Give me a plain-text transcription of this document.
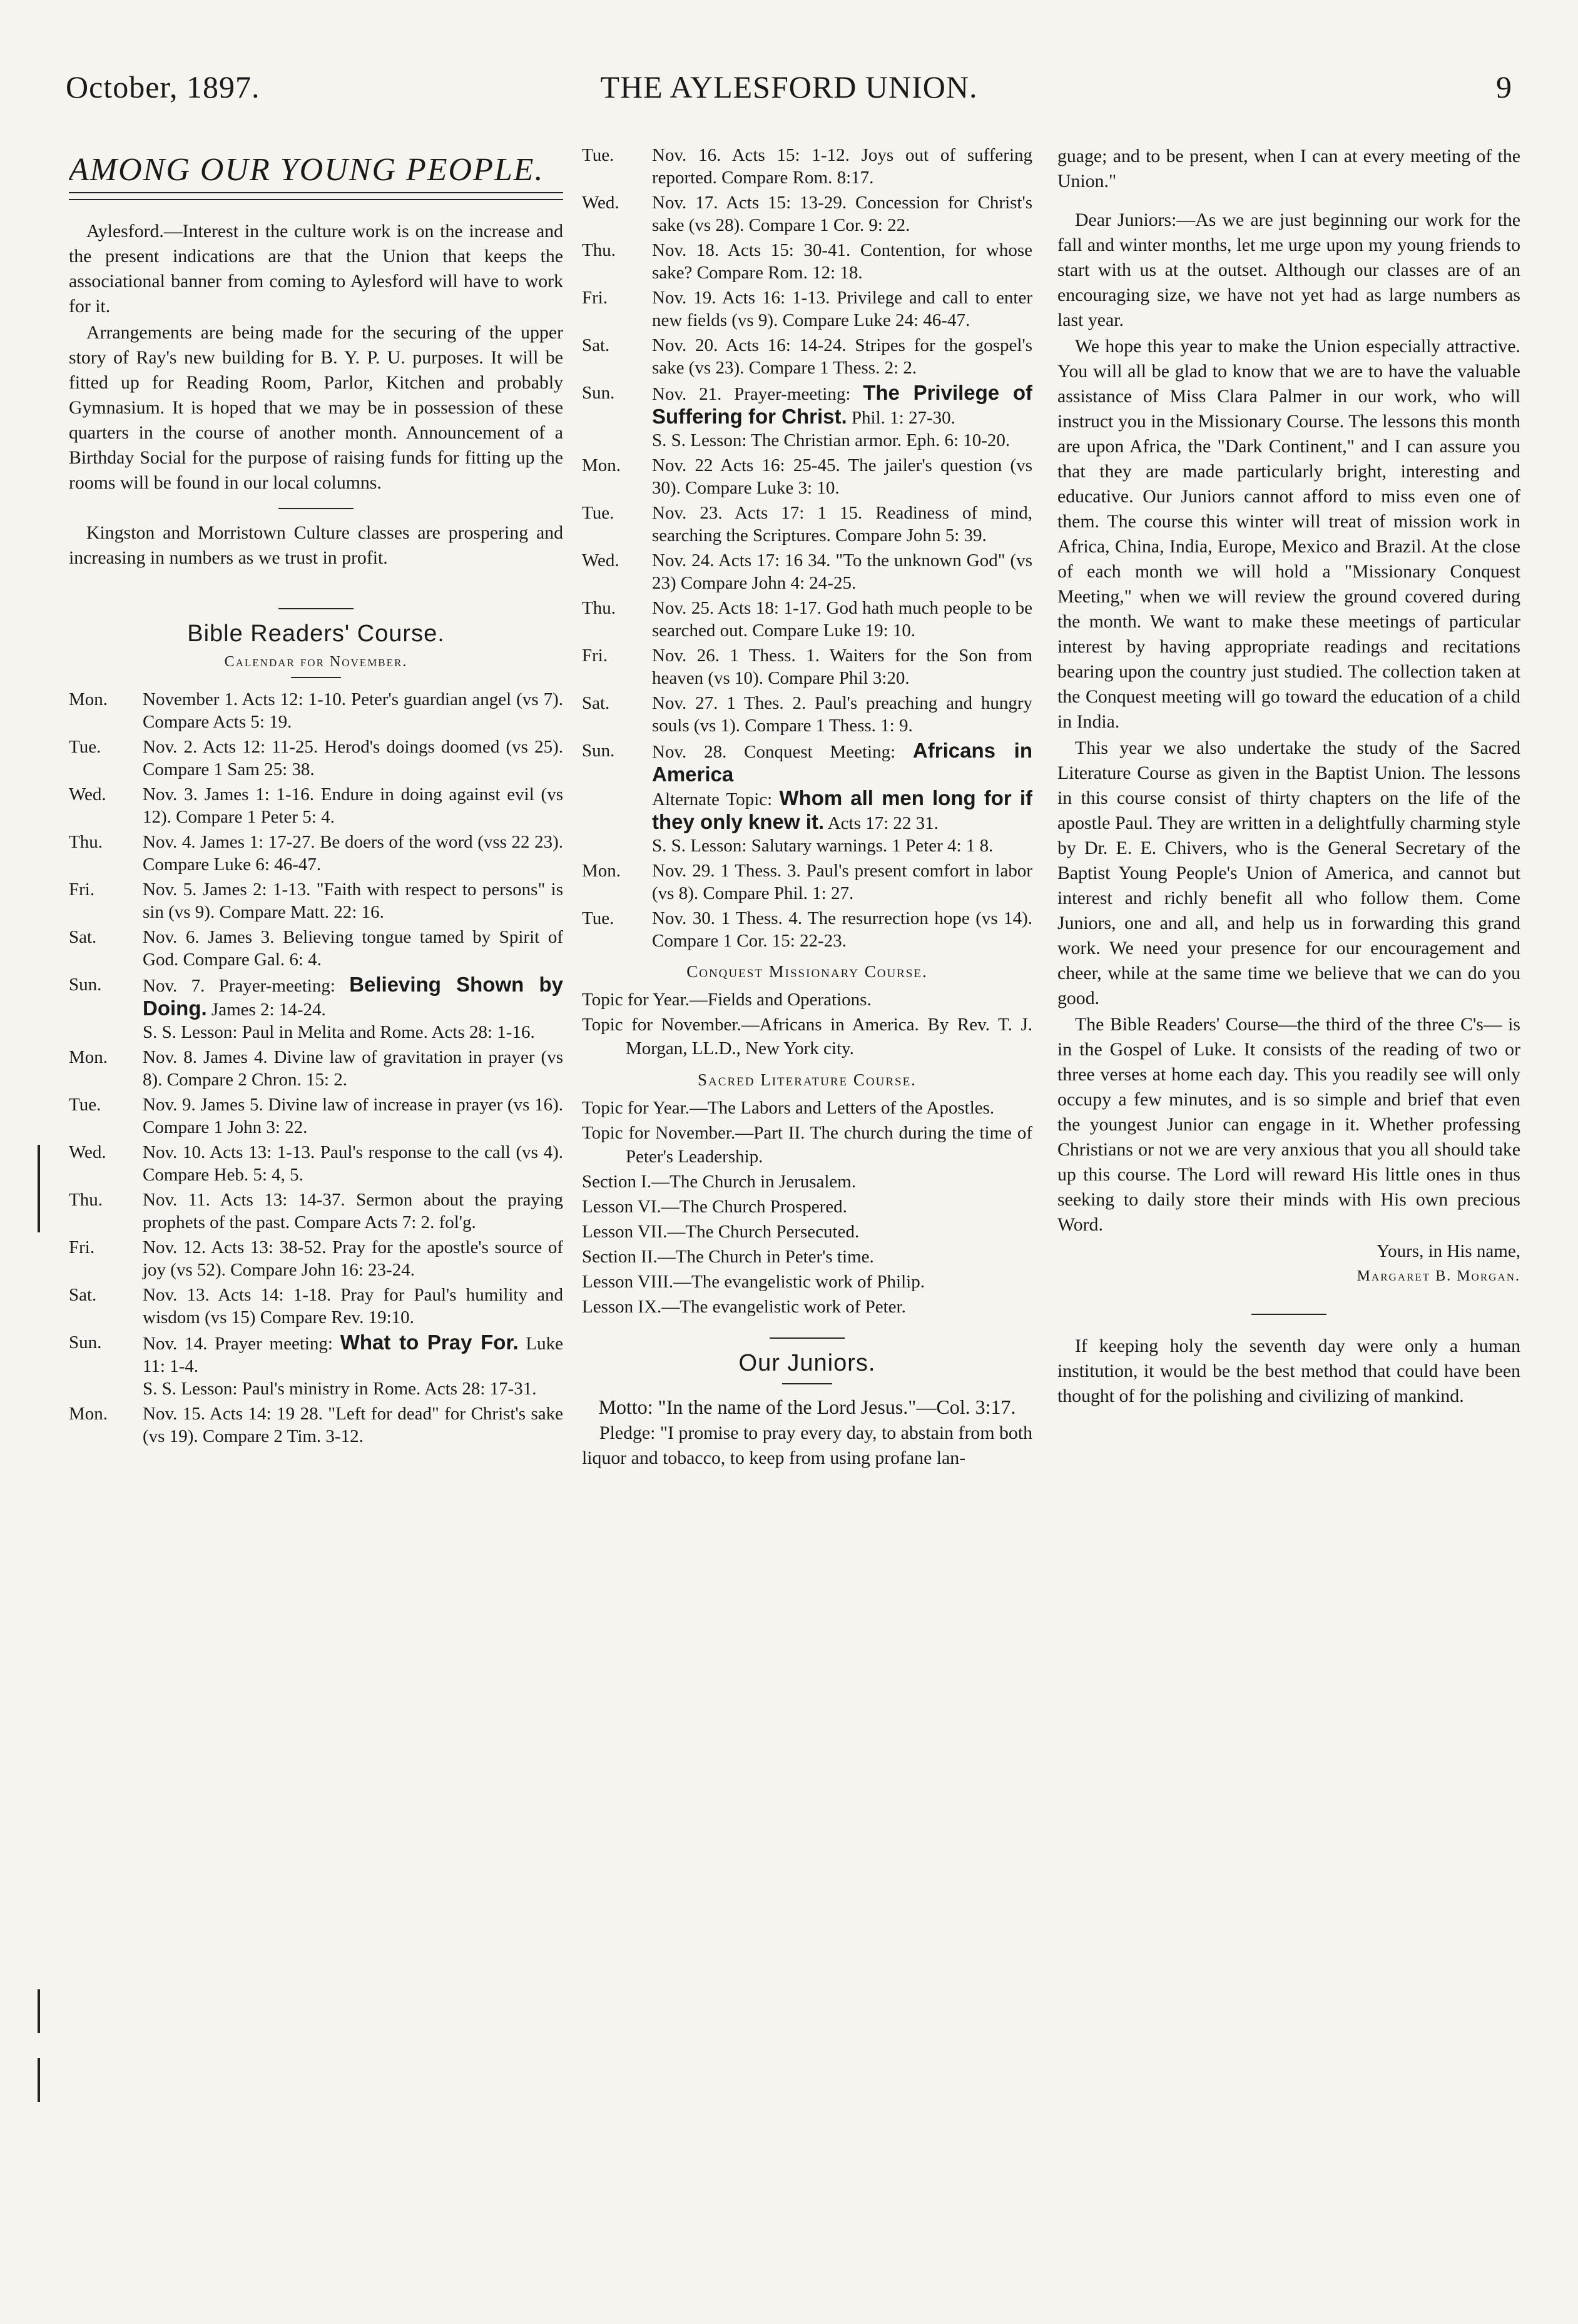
October, 1897.	THE AYLESFORD UNION.	9
AMONG OUR YOUNG PEOPLE.

Aylesford.—Interest in the culture work is on the increase and the present indications are that the Union that keeps the associational banner from coming to Aylesford will have to work for it.

Arrangements are being made for the securing of the upper story of Ray's new building for B. Y. P. U. purposes. It will be fitted up for Reading Room, Parlor, Kitchen and probably Gymnasium. It is hoped that we may be in possession of these quarters in the course of another month. Announcement of a Birthday Social for the purpose of raising funds for fitting up the rooms will be found in our local columns.

Kingston and Morristown Culture classes are prospering and increasing in numbers as we trust in profit.

Bible Readers' Course.
Calendar for November.
Mon.	November 1. Acts 12: 1-10. Peter's guardian angel (vs 7). Compare Acts 5: 19.
Tue.	Nov. 2. Acts 12: 11-25. Herod's doings doomed (vs 25). Compare 1 Sam 25: 38.
Wed.	Nov. 3. James 1: 1-16. Endure in doing against evil (vs 12). Compare 1 Peter 5: 4.
Thu.	Nov. 4. James 1: 17-27. Be doers of the word (vss 22 23). Compare Luke 6: 46-47.
Fri.	Nov. 5. James 2: 1-13. "Faith with respect to persons" is sin (vs 9). Compare Matt. 22: 16.
Sat.	Nov. 6. James 3. Believing tongue tamed by Spirit of God. Compare Gal. 6: 4.
Sun.	Nov. 7. Prayer-meeting: Believing Shown by Doing. James 2: 14-24.
S. S. Lesson: Paul in Melita and Rome. Acts 28: 1-16.
Mon.	Nov. 8. James 4. Divine law of gravitation in prayer (vs 8). Compare 2 Chron. 15: 2.
Tue.	Nov. 9. James 5. Divine law of increase in prayer (vs 16). Compare 1 John 3: 22.
Wed.	Nov. 10. Acts 13: 1-13. Paul's response to the call (vs 4). Compare Heb. 5: 4, 5.
Thu.	Nov. 11. Acts 13: 14-37. Sermon about the praying prophets of the past. Compare Acts 7: 2. fol'g.
Fri.	Nov. 12. Acts 13: 38-52. Pray for the apostle's source of joy (vs 52). Compare John 16: 23-24.
Sat.	Nov. 13. Acts 14: 1-18. Pray for Paul's humility and wisdom (vs 15) Compare Rev. 19:10.
Sun.	Nov. 14. Prayer meeting: What to Pray For. Luke 11: 1-4.
S. S. Lesson: Paul's ministry in Rome. Acts 28: 17-31.
Mon.	Nov. 15. Acts 14: 19 28. "Left for dead" for Christ's sake (vs 19). Compare 2 Tim. 3-12.
Tue.	Nov. 16. Acts 15: 1-12. Joys out of suffering reported. Compare Rom. 8:17.
Wed.	Nov. 17. Acts 15: 13-29. Concession for Christ's sake (vs 28). Compare 1 Cor. 9: 22.
Thu.	Nov. 18. Acts 15: 30-41. Contention, for whose sake? Compare Rom. 12: 18.
Fri.	Nov. 19. Acts 16: 1-13. Privilege and call to enter new fields (vs 9). Compare Luke 24: 46-47.
Sat.	Nov. 20. Acts 16: 14-24. Stripes for the gospel's sake (vs 23). Compare 1 Thess. 2: 2.
Sun.	Nov. 21. Prayer-meeting: The Privilege of Suffering for Christ. Phil. 1: 27-30.
S. S. Lesson: The Christian armor. Eph. 6: 10-20.
Mon.	Nov. 22 Acts 16: 25-45. The jailer's question (vs 30). Compare Luke 3: 10.
Tue.	Nov. 23. Acts 17: 1 15. Readiness of mind, searching the Scriptures. Compare John 5: 39.
Wed.	Nov. 24. Acts 17: 16 34. "To the unknown God" (vs 23) Compare John 4: 24-25.
Thu.	Nov. 25. Acts 18: 1-17. God hath much people to be searched out. Compare Luke 19: 10.
Fri.	Nov. 26. 1 Thess. 1. Waiters for the Son from heaven (vs 10). Compare Phil 3:20.
Sat.	Nov. 27. 1 Thes. 2. Paul's preaching and hungry souls (vs 1). Compare 1 Thess. 1: 9.
Sun.	Nov. 28. Conquest Meeting: Africans in America
Alternate Topic: Whom all men long for if they only knew it. Acts 17: 22 31.
S. S. Lesson: Salutary warnings. 1 Peter 4: 1 8.
Mon.	Nov. 29. 1 Thess. 3. Paul's present comfort in labor (vs 8). Compare Phil. 1: 27.
Tue.	Nov. 30. 1 Thess. 4. The resurrection hope (vs 14). Compare 1 Cor. 15: 22-23.
Conquest Missionary Course.
Topic for Year.—Fields and Operations.
Topic for November.—Africans in America. By Rev. T. J. Morgan, LL.D., New York city.
Sacred Literature Course.
Topic for Year.—The Labors and Letters of the Apostles.
Topic for November.—Part II. The church during the time of Peter's Leadership.
Section I.—The Church in Jerusalem.
Lesson VI.—The Church Prospered.
Lesson VII.—The Church Persecuted.
Section II.—The Church in Peter's time.
Lesson VIII.—The evangelistic work of Philip.
Lesson IX.—The evangelistic work of Peter.
Our Juniors.

Motto: "In the name of the Lord Jesus."—Col. 3:17.

Pledge: "I promise to pray every day, to abstain from both liquor and tobacco, to keep from using profane lan-

guage; and to be present, when I can at every meeting of the Union."

Dear Juniors:—As we are just beginning our work for the fall and winter months, let me urge upon my young friends to start with us at the outset. Although our classes are of an encouraging size, we have not yet had as large numbers as last year.

We hope this year to make the Union especially attractive. You will all be glad to know that we are to have the valuable assistance of Miss Clara Palmer in our work, who will instruct you in the Missionary Course. The lessons this month are upon Africa, the "Dark Continent," and I can assure you that they are made particularly bright, interesting and educative. Our Juniors cannot afford to miss even one of them. The course this winter will treat of mission work in Africa, China, India, Europe, Mexico and Brazil. At the close of each month we will hold a "Missionary Conquest Meeting," when we will review the ground covered during the month. We want to make these meetings of particular interest by having appropriate readings and recitations bearing upon the country just studied. The collection taken at the Conquest meeting will go toward the education of a child in India.

This year we also undertake the study of the Sacred Literature Course as given in the Baptist Union. The lessons in this course consist of thirty chapters on the life of the apostle Paul. They are written in a delightfully charming style by Dr. E. E. Chivers, who is the General Secretary of the Baptist Young People's Union of America, and cannot but interest and richly benefit all who follow them. Come Juniors, one and all, and help us in forwarding this grand work. We need your presence for our encouragement and cheer, while at the same time we believe that we can do you good.

The Bible Readers' Course—the third of the three C's— is in the Gospel of Luke. It consists of the reading of two or three verses at home each day. This you readily see will only occupy a few minutes, and is so simple and brief that even the youngest Junior can engage in it. Whether professing Christians or not we are very anxious that you all should take up this course. The Lord will reward His little ones in thus seeking to daily store their minds with His own precious Word.

Yours, in His name,

Margaret B. Morgan.

If keeping holy the seventh day were only a human institution, it would be the best method that could have been thought of for the polishing and civilizing of mankind.
